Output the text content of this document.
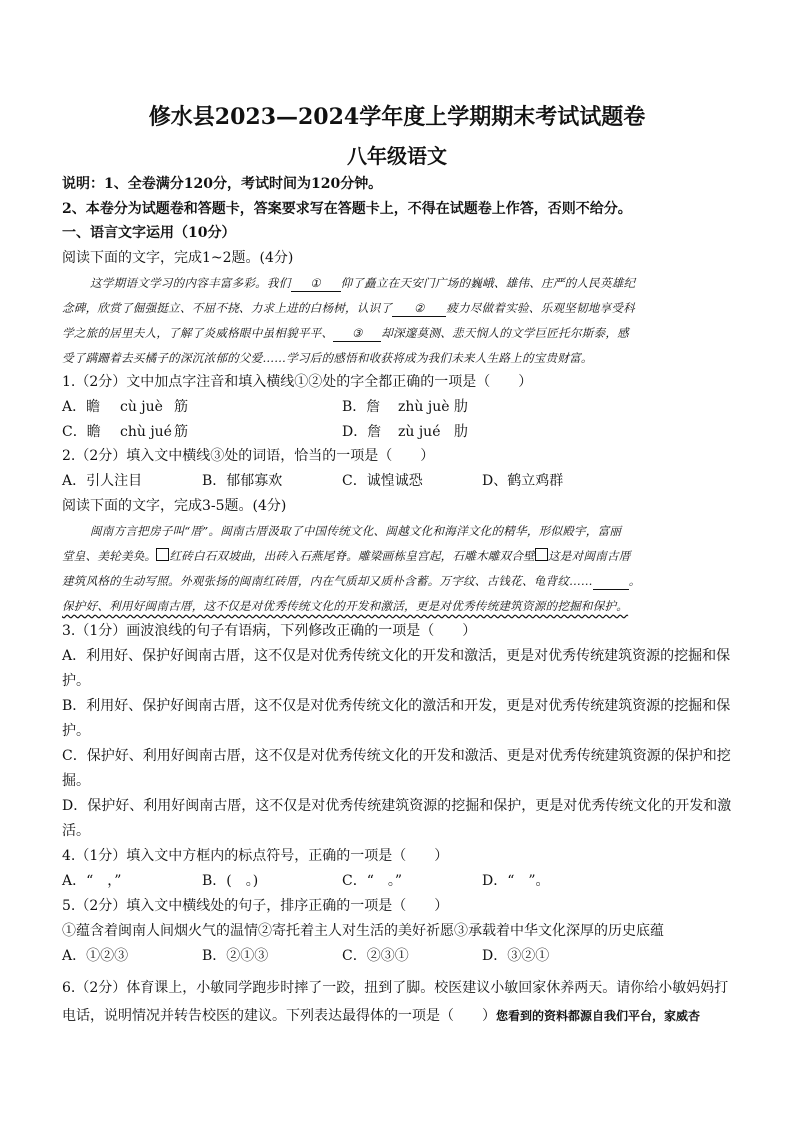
修水县2023—2024学年度上学期期末考试试题卷
八年级语文
说明：1、全卷满分120分，考试时间为120分钟。
2、本卷分为试题卷和答题卡，答案要求写在答题卡上，不得在试题卷上作答，否则不给分。
一、语言文字运用（10分）
阅读下面的文字，完成1~2题。(4分)
这学期语文学习的内容丰富多彩。我们 ① 仰了矗立在天安门广场的巍峨、雄伟、庄严的人民英雄纪
念碑，欣赏了倔强挺立、不屈不挠、力求上进的白杨树，认识了 ② 疲力尽做着实验、乐观坚韧地享受科
学之旅的居里夫人，了解了炎威格眼中虽相貌平平、 ③ 却深邃莫测、悲天悯人的文学巨匠托尔斯泰，感
受了蹒跚着去买橘子的深沉浓郁的父爱……学习后的感悟和收获将成为我们未来人生路上的宝贵财富。
1.（2分）文中加点字注音和填入横线①②处的字全都正确的一项是（　　）
A．瞻 cù juè 筋	B．詹 zhù juè 肋
C．瞻 chù jué 筋	D．詹 zù jué 肋
2.（2分）填入文中横线③处的词语，恰当的一项是（　　）
A．引人注目	B．郁郁寡欢	C．诚惶诚恐	D、鹤立鸡群
阅读下面的文字，完成3-5题。(4分)
闽南方言把房子叫“厝”。闽南古厝汲取了中国传统文化、闽越文化和海洋文化的精华，形似殿宇，富丽
堂皇、美轮美奂。 红砖白石双坡曲，出砖入石燕尾脊。雕梁画栋皇宫起，石雕木雕双合壁 这是对闽南古厝
建筑风格的生动写照。外观张扬的闽南红砖厝，内在气质却又质朴含蓄。万字纹、古钱花、龟背纹……	。
保护好、利用好闽南古厝，这不仅是对优秀传统文化的开发和激活，更是对优秀传统建筑资源的挖掘和保护。
3.（1分）画波浪线的句子有语病，下列修改正确的一项是（　　）
A．利用好、保护好闽南古厝，这不仅是对优秀传统文化的开发和激活，更是对优秀传统建筑资源的挖掘和保
护。
B．利用好、保护好闽南古厝，这不仅是对优秀传统文化的激活和开发，更是对优秀传统建筑资源的挖掘和保
护。
C．保护好、利用好闽南古厝，这不仅是对优秀传统文化的开发和激活、更是对优秀传统建筑资源的保护和挖
掘。
D．保护好、利用好闽南古厝，这不仅是对优秀传统建筑资源的挖掘和保护，更是对优秀传统文化的开发和激
活。
4.（1分）填入文中方框内的标点符号，正确的一项是（　　）
A．“　，”	B．(　。)	C．“　。”	D．“　”。
5.（2分）填入文中横线处的句子，排序正确的一项是（　　）
①蕴含着闽南人间烟火气的温情②寄托着主人对生活的美好祈愿③承载着中华文化深厚的历史底蕴
A．①②③	B．②①③	C．②③①	D．③②①
6.（2分）体育课上，小敏同学跑步时摔了一跤，扭到了脚。校医建议小敏回家休养两天。请你给小敏妈妈打
电话，说明情况并转告校医的建议。下列表达最得体的一项是（　　）您看到的资料都源自我们平台，家威杏
